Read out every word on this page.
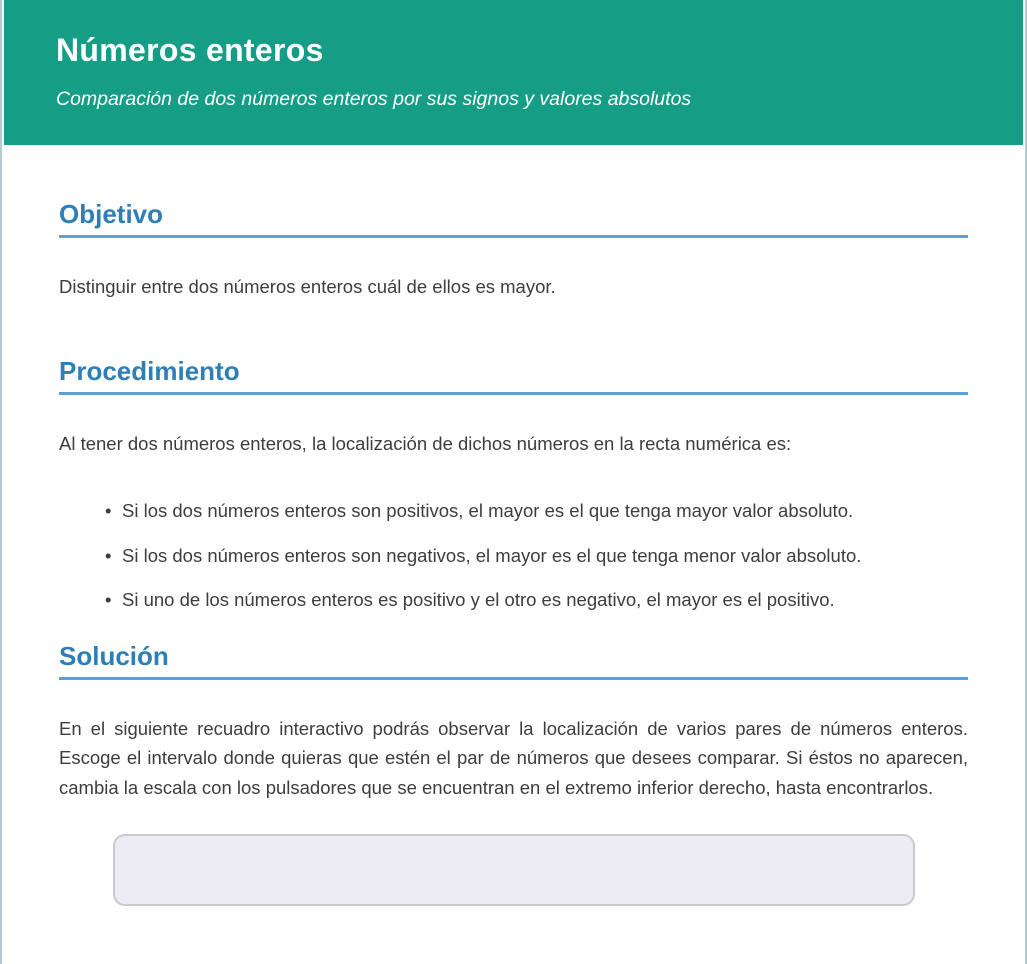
Números enteros

Comparación de dos números enteros por sus signos y valores absolutos

Objetivo

Distinguir entre dos números enteros cuál de ellos es mayor.

Procedimiento

Al tener dos números enteros, la localización de dichos números en la recta numérica es:

• Si los dos números enteros son positivos, el mayor es el que tenga mayor valor absoluto.
• Si los dos números enteros son negativos, el mayor es el que tenga menor valor absoluto.
• Si uno de los números enteros es positivo y el otro es negativo, el mayor es el positivo.
Solución

En el siguiente recuadro interactivo podrás observar la localización de varios pares de números enteros. Escoge el intervalo donde quieras que estén el par de números que desees comparar. Si éstos no aparecen, cambia la escala con los pulsadores que se encuentran en el extremo inferior derecho, hasta encontrarlos.
